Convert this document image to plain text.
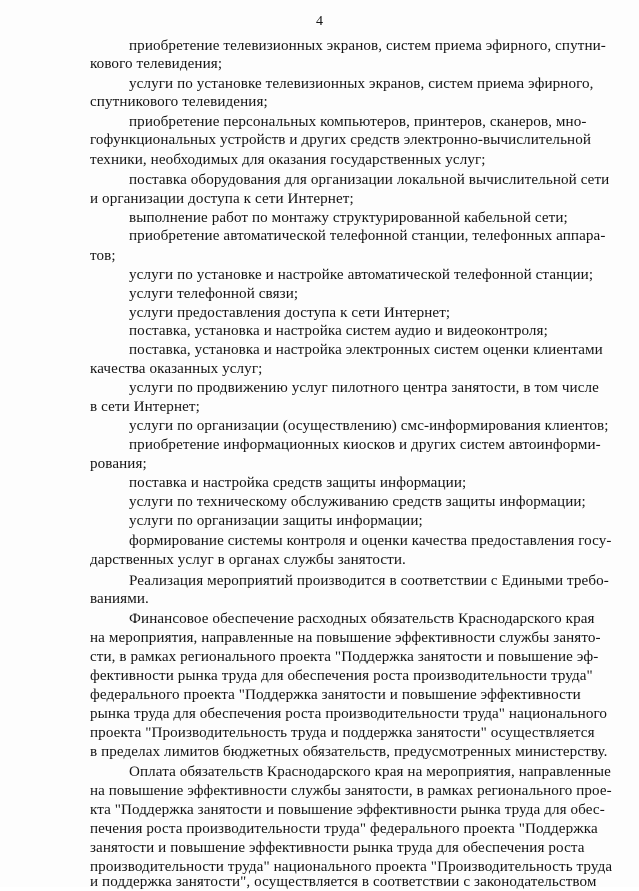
4
приобретение телевизионных экранов, систем приема эфирного, спутни-
кового телевидения;
услуги по установке телевизионных экранов, систем приема эфирного,
спутникового телевидения;
приобретение персональных компьютеров, принтеров, сканеров, мно-
гофункциональных устройств и других средств электронно-вычислительной
техники, необходимых для оказания государственных услуг;
поставка оборудования для организации локальной вычислительной сети
и организации доступа к сети Интернет;
выполнение работ по монтажу структурированной кабельной сети;
приобретение автоматической телефонной станции, телефонных аппара-
тов;
услуги по установке и настройке автоматической телефонной станции;
услуги телефонной связи;
услуги предоставления доступа к сети Интернет;
поставка, установка и настройка систем аудио и видеоконтроля;
поставка, установка и настройка электронных систем оценки клиентами
качества оказанных услуг;
услуги по продвижению услуг пилотного центра занятости, в том числе
в сети Интернет;
услуги по организации (осуществлению) смс-информирования клиентов;
приобретение информационных киосков и других систем автоинформи-
рования;
поставка и настройка средств защиты информации;
услуги по техническому обслуживанию средств защиты информации;
услуги по организации защиты информации;
формирование системы контроля и оценки качества предоставления госу-
дарственных услуг в органах службы занятости.
Реализация мероприятий производится в соответствии с Едиными требо-
ваниями.
Финансовое обеспечение расходных обязательств Краснодарского края
на мероприятия, направленные на повышение эффективности службы занято-
сти, в рамках регионального проекта "Поддержка занятости и повышение эф-
фективности рынка труда для обеспечения роста производительности труда"
федерального проекта "Поддержка занятости и повышение эффективности
рынка труда для обеспечения роста производительности труда" национального
проекта "Производительность труда и поддержка занятости" осуществляется
в пределах лимитов бюджетных обязательств, предусмотренных министерству.
Оплата обязательств Краснодарского края на мероприятия, направленные
на повышение эффективности службы занятости, в рамках регионального прое-
кта "Поддержка занятости и повышение эффективности рынка труда для обес-
печения роста производительности труда" федерального проекта "Поддержка
занятости и повышение эффективности рынка труда для обеспечения роста
производительности труда" национального проекта "Производительность труда
и поддержка занятости", осуществляется в соответствии с законодательством
